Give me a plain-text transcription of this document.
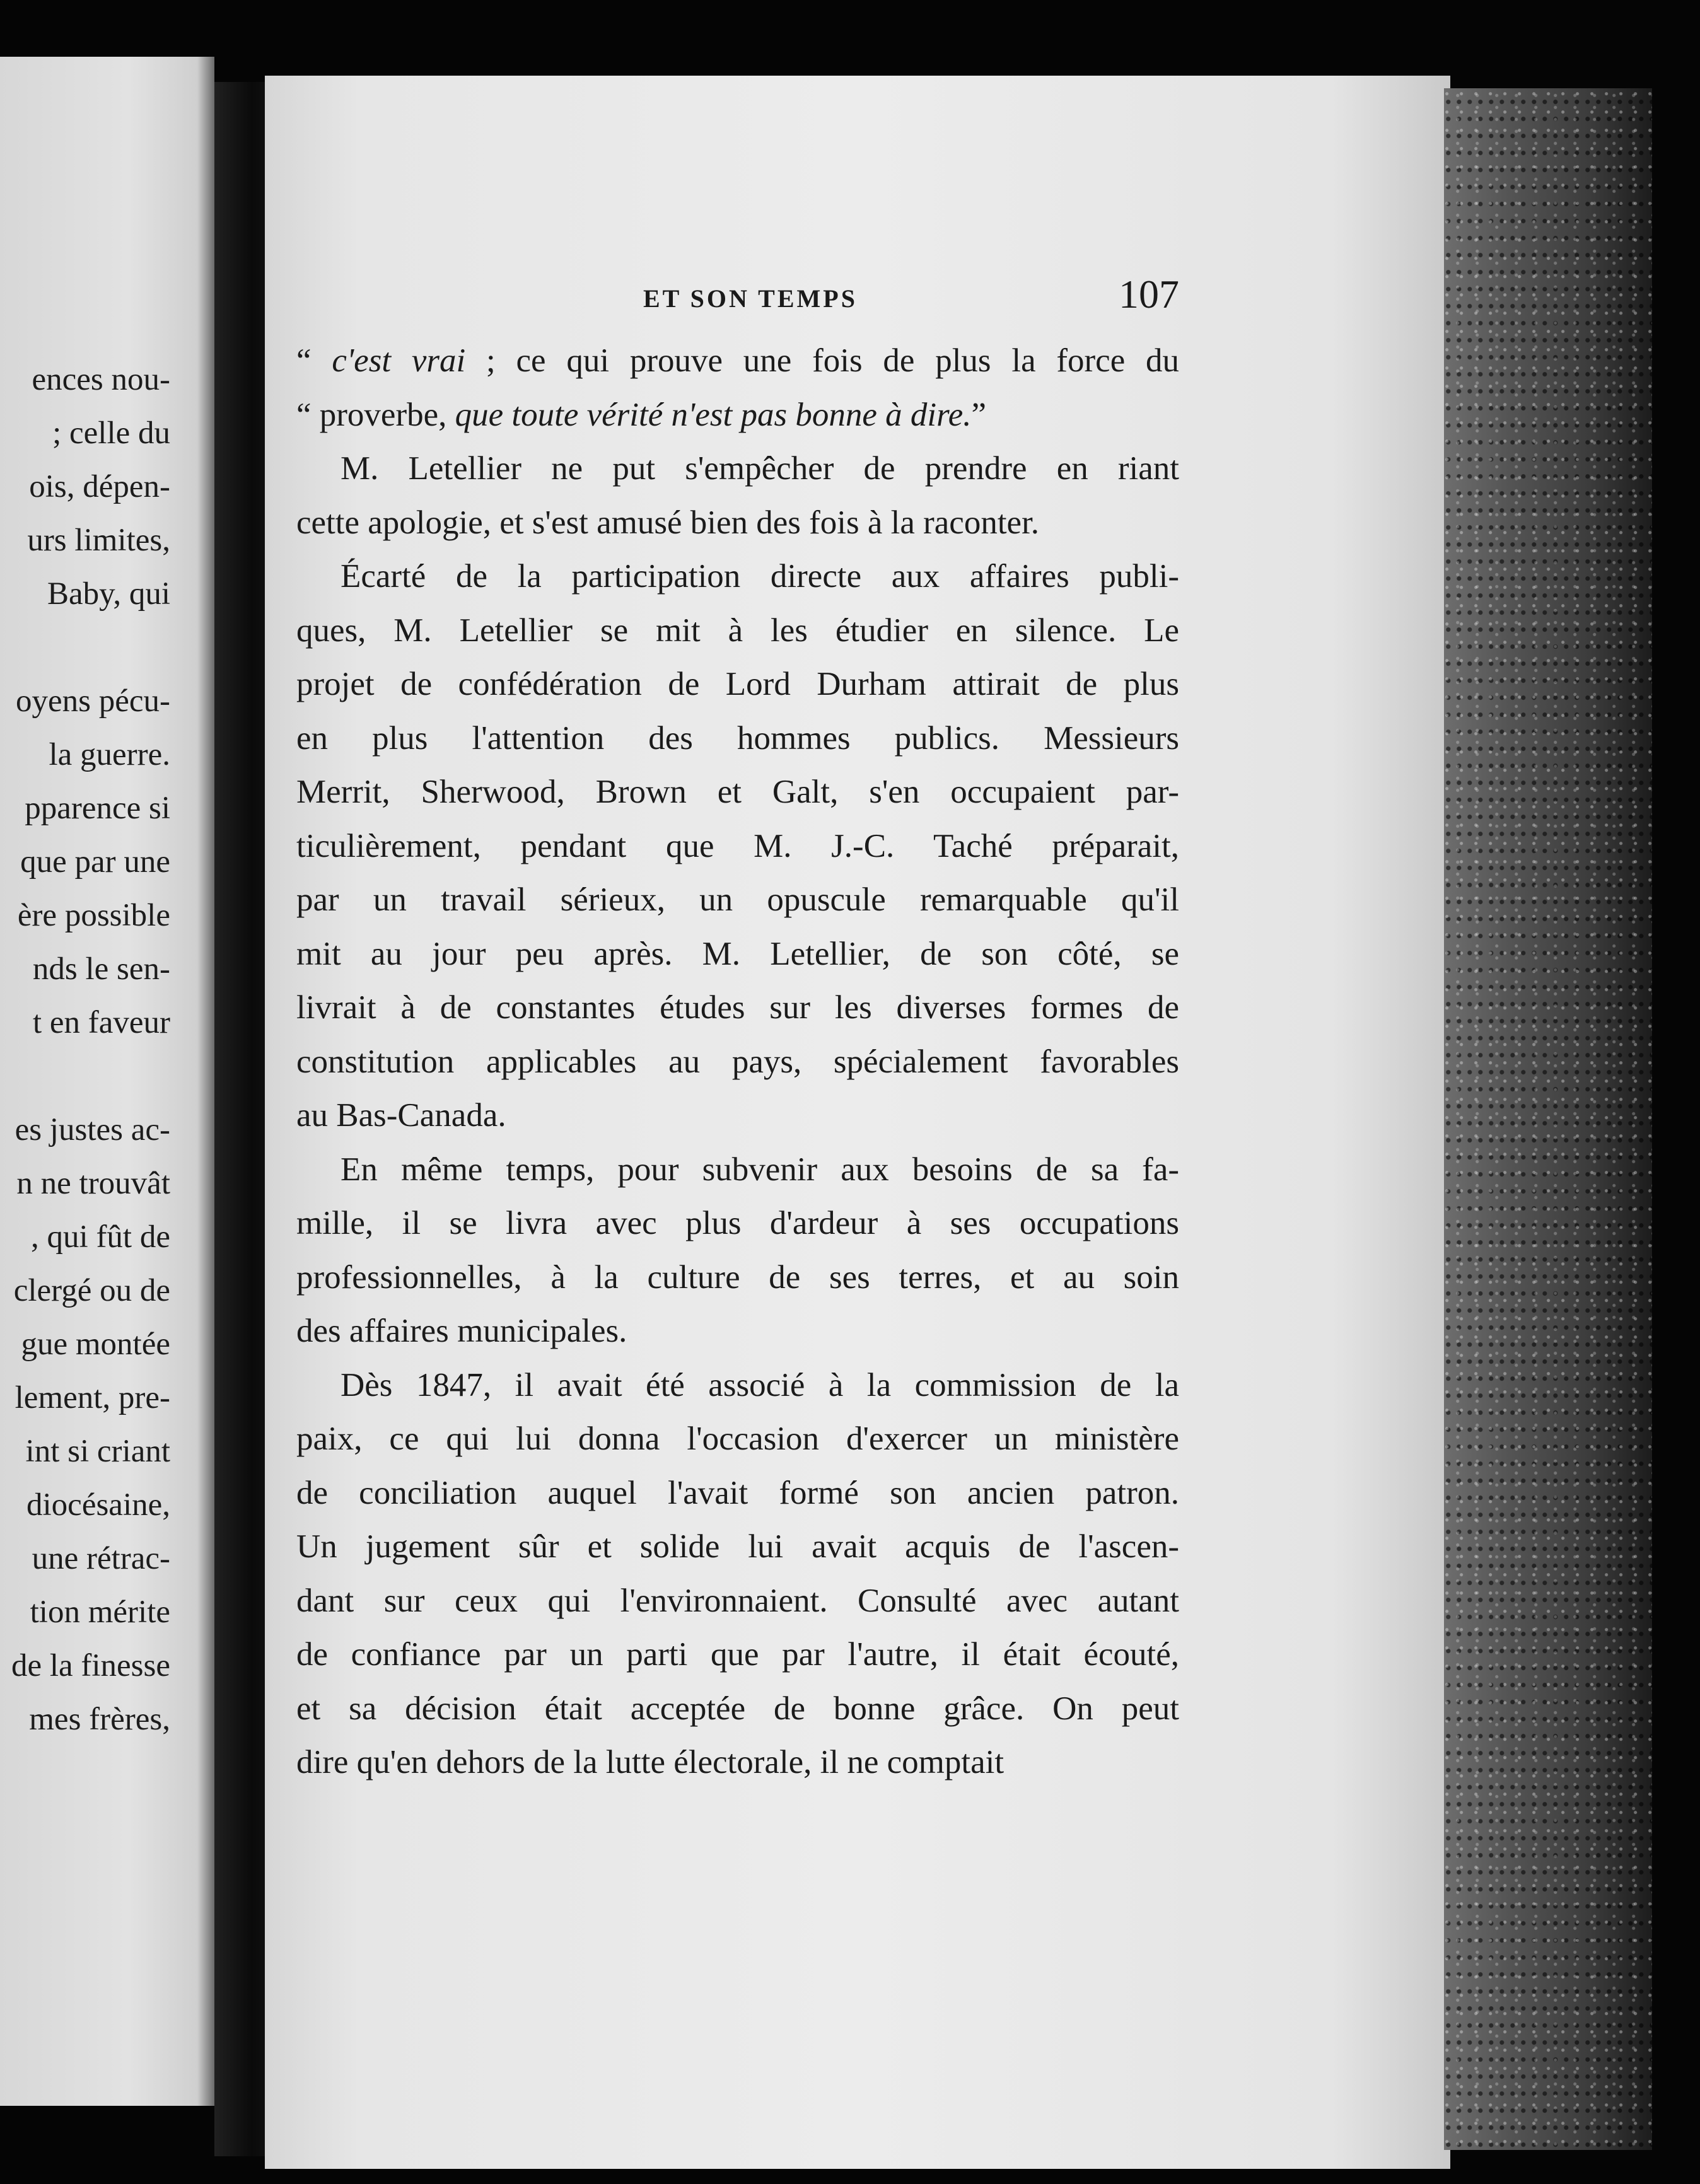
ences nou-
; celle du
ois, dépen-
urs limites,
Baby, qui
oyens pécu-
la guerre.
pparence si
que par une
ère possible
nds le sen-
t en faveur
es justes ac-
n ne trouvât
, qui fût de
clergé ou de
gue montée
lement, pre-
int si criant
diocésaine,
une rétrac-
tion mérite
de la finesse
mes frères,
ET SON TEMPS	107
“ c'est vrai ; ce qui prouve une fois de plus la force du
“ proverbe, que toute vérité n'est pas bonne à dire.”
M. Letellier ne put s'empêcher de prendre en riant
cette apologie, et s'est amusé bien des fois à la raconter.
Écarté de la participation directe aux affaires publi-
ques, M. Letellier se mit à les étudier en silence. Le
projet de confédération de Lord Durham attirait de plus
en plus l'attention des hommes publics. Messieurs
Merrit, Sherwood, Brown et Galt, s'en occupaient par-
ticulièrement, pendant que M. J.-C. Taché préparait,
par un travail sérieux, un opuscule remarquable qu'il
mit au jour peu après. M. Letellier, de son côté, se
livrait à de constantes études sur les diverses formes de
constitution applicables au pays, spécialement favorables
au Bas-Canada.
En même temps, pour subvenir aux besoins de sa fa-
mille, il se livra avec plus d'ardeur à ses occupations
professionnelles, à la culture de ses terres, et au soin
des affaires municipales.
Dès 1847, il avait été associé à la commission de la
paix, ce qui lui donna l'occasion d'exercer un ministère
de conciliation auquel l'avait formé son ancien patron.
Un jugement sûr et solide lui avait acquis de l'ascen-
dant sur ceux qui l'environnaient. Consulté avec autant
de confiance par un parti que par l'autre, il était écouté,
et sa décision était acceptée de bonne grâce. On peut
dire qu'en dehors de la lutte électorale, il ne comptait
